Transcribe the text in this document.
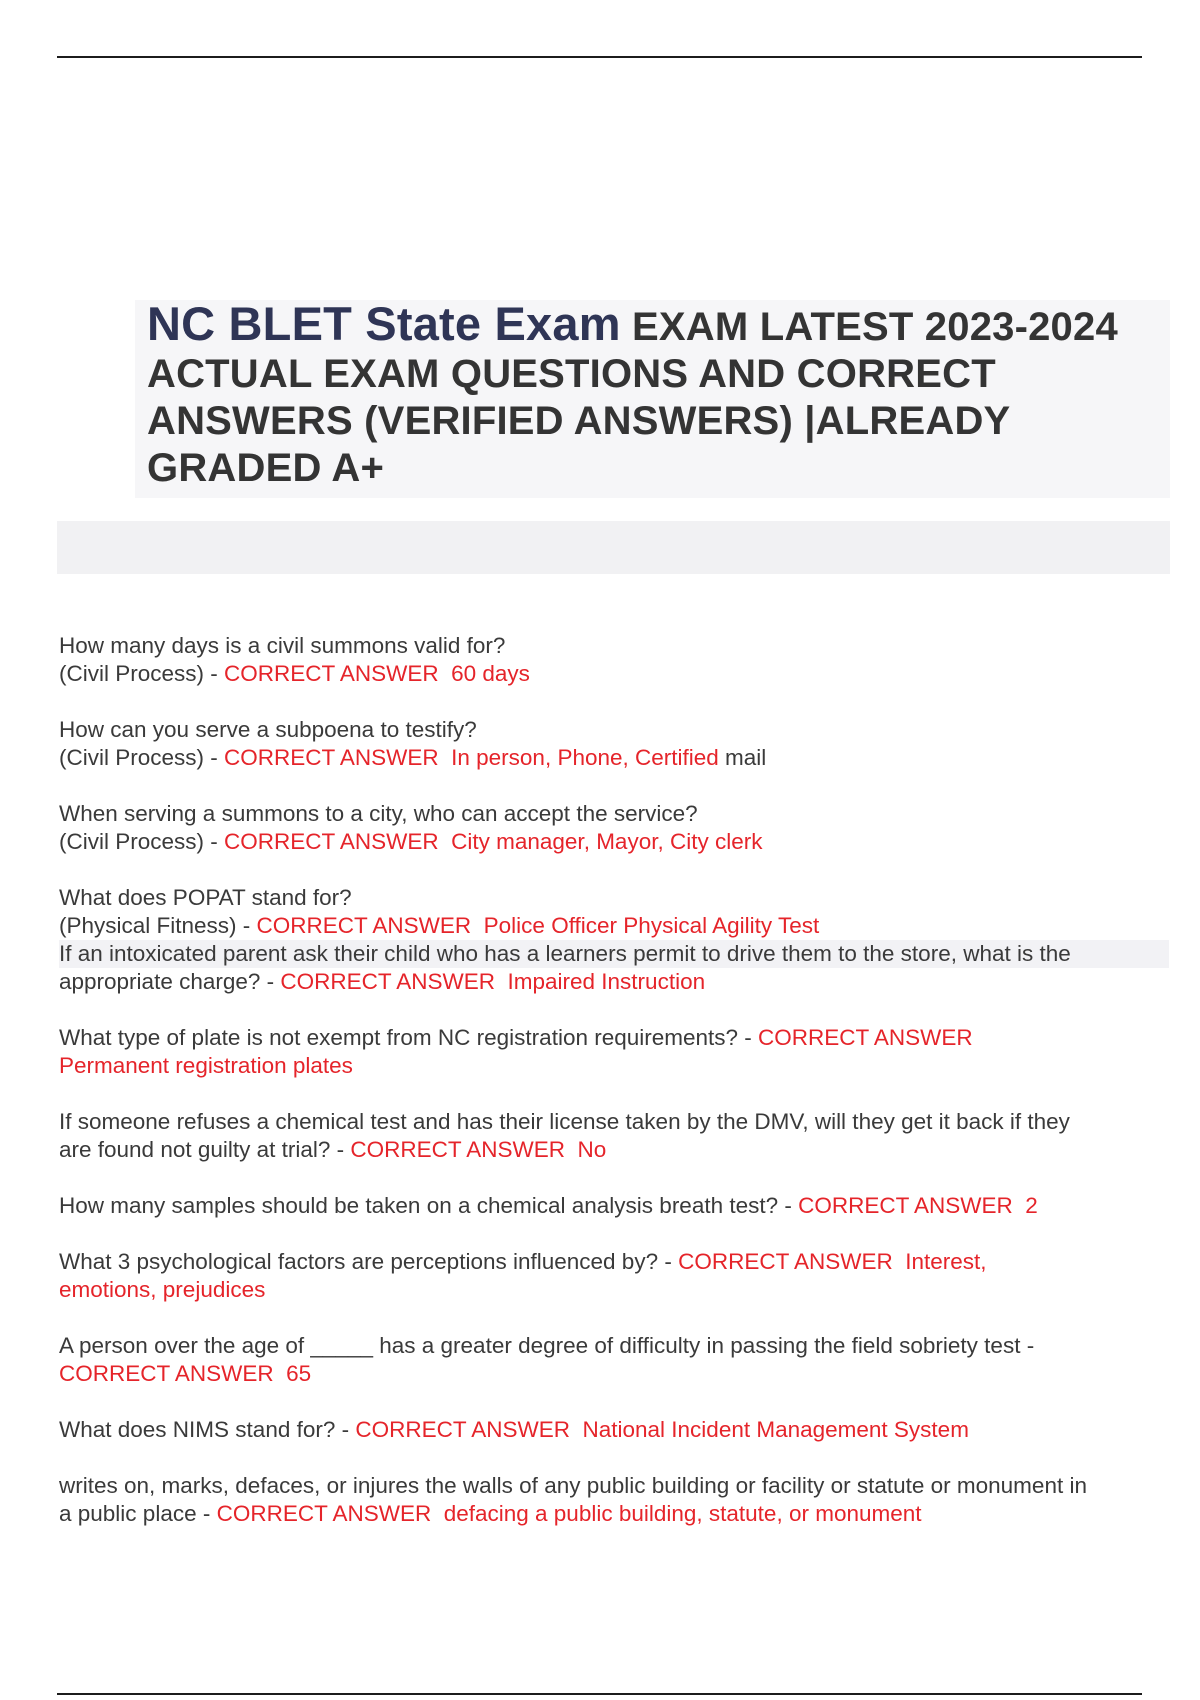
NC BLET State Exam EXAM LATEST 2023-2024
ACTUAL EXAM QUESTIONS AND CORRECT
ANSWERS (VERIFIED ANSWERS) |ALREADY
GRADED A+
How many days is a civil summons valid for?
(Civil Process) - CORRECT ANSWER  60 days
How can you serve a subpoena to testify?
(Civil Process) - CORRECT ANSWER  In person, Phone, Certified mail
When serving a summons to a city, who can accept the service?
(Civil Process) - CORRECT ANSWER  City manager, Mayor, City clerk
What does POPAT stand for?
(Physical Fitness) - CORRECT ANSWER  Police Officer Physical Agility Test
If an intoxicated parent ask their child who has a learners permit to drive them to the store, what is the
appropriate charge? - CORRECT ANSWER  Impaired Instruction
What type of plate is not exempt from NC registration requirements? - CORRECT ANSWER
Permanent registration plates
If someone refuses a chemical test and has their license taken by the DMV, will they get it back if they
are found not guilty at trial? - CORRECT ANSWER  No
How many samples should be taken on a chemical analysis breath test? - CORRECT ANSWER  2
What 3 psychological factors are perceptions influenced by? - CORRECT ANSWER  Interest,
emotions, prejudices
A person over the age of _____ has a greater degree of difficulty in passing the field sobriety test -
CORRECT ANSWER  65
What does NIMS stand for? - CORRECT ANSWER  National Incident Management System
writes on, marks, defaces, or injures the walls of any public building or facility or statute or monument in
a public place - CORRECT ANSWER  defacing a public building, statute, or monument
